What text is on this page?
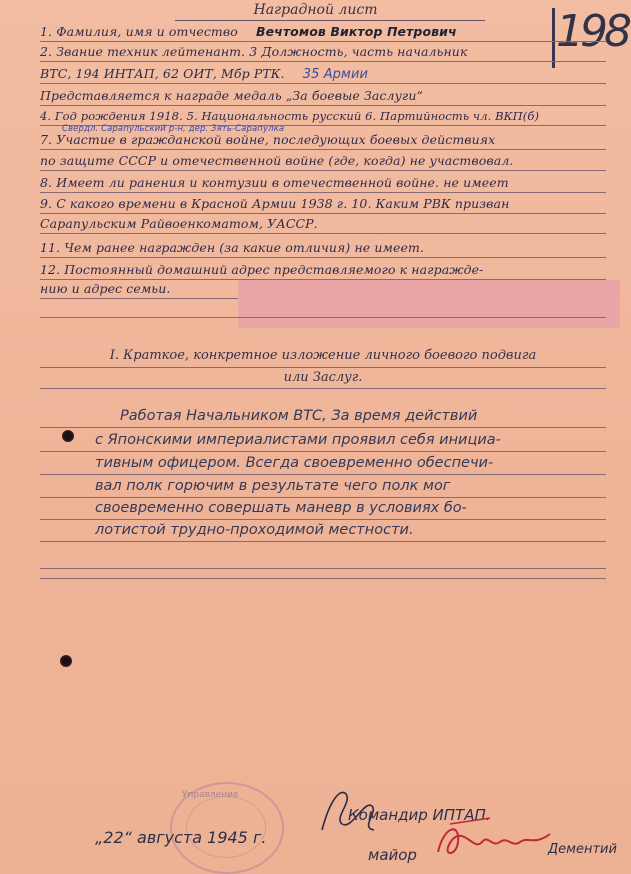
Наградной лист	198
1. Фамилия, имя и отчество Вечтомов Виктор Петрович
2. Звание техник лейтенант. 3 Должность, часть начальник
ВТС, 194 ИНТАП, 62 ОИТ, Мбр РТК. 35 Армии
Представляется к награде медаль „За боевые Заслуги“
4. Год рождения 1918. 5. Национальность русский 6. Партийность чл. ВКП(б)
Свердл. Сарапульский р-н, дер. Зять-Сарапулка
7. Участие в гражданской войне, последующих боевых действиях
по защите СССР и отечественной войне (где, когда) не участвовал.
8. Имеет ли ранения и контузии в отечественной войне. не имеет
9. С какого времени в Красной Армии 1938 г. 10. Каким РВК призван
Сарапульским Райвоенкоматом, УАССР.
11. Чем ранее награжден (за какие отличия) не имеет.
12. Постоянный домашний адрес представляемого к награжде-
нию и адрес семьи.
I. Краткое, конкретное изложение личного боевого подвига
или Заслуг.
Работая Начальником ВТС, За время действий
с Японскими империалистами проявил себя инициа-
тивным офицером. Всегда своевременно обеспечи-
вал полк горючим в результате чего полк мог
своевременно совершать маневр в условиях бо-
лотистой трудно-проходимой местности.
Управление
„22“ августа 1945 г.
Командир ИПТАП.
майор	Дементий
